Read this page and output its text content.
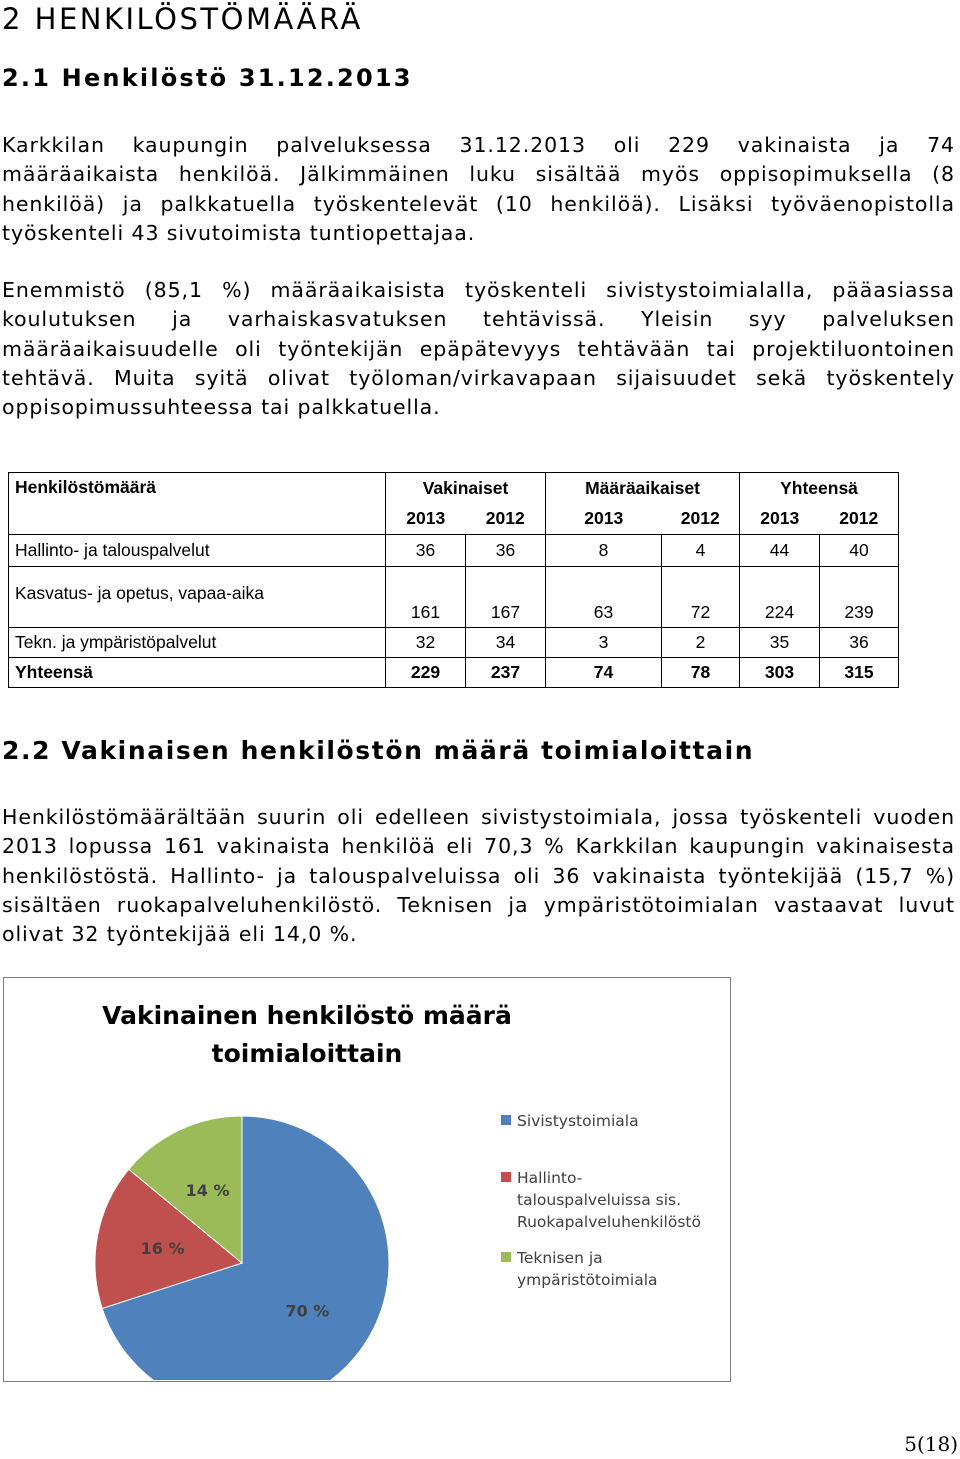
2 HENKILÖSTÖMÄÄRÄ
2.1 Henkilöstö 31.12.2013

Karkkilan kaupungin palveluksessa 31.12.2013 oli 229 vakinaista ja 74 määräaikaista henkilöä. Jälkimmäinen luku sisältää myös oppisopimuksella (8 henkilöä) ja palkkatuella työskentelevät (10 henkilöä). Lisäksi työväenopistolla työskenteli 43 sivutoimista tuntiopettajaa.

Enemmistö (85,1 %) määräaikaisista työskenteli sivistystoimialalla, pääasiassa koulutuksen ja varhaiskasvatuksen tehtävissä. Yleisin syy palveluksen määräaikaisuudelle oli työntekijän epäpätevyys tehtävään tai projektiluontoinen tehtävä. Muita syitä olivat työloman/virkavapaan sijaisuudet sekä työskentely oppisopimussuhteessa tai palkkatuella.

Henkilöstömäärä	Vakinaiset		Määräaikaiset		Yhteensä	
	2013	2012	2013	2012	2013	2012
Hallinto- ja talouspalvelut	36	36	8	4	44	40
Kasvatus- ja opetus, vapaa-aika	161	167	63	72	224	239
Tekn. ja ympäristöpalvelut	32	34	3	2	35	36
Yhteensä	229	237	74	78	303	315
2.2 Vakinaisen henkilöstön määrä toimialoittain

Henkilöstömäärältään suurin oli edelleen sivistystoimiala, jossa työskenteli vuoden 2013 lopussa 161 vakinaista henkilöä eli 70,3 % Karkkilan kaupungin vakinaisesta henkilöstöstä. Hallinto- ja talouspalveluissa oli 36 vakinaista työntekijää (15,7 %) sisältäen ruokapalveluhenkilöstö. Teknisen ja ympäristötoimialan vastaavat luvut olivat 32 työntekijää eli 14,0 %.

Vakinainen henkilöstö määrä
toimialoittain
70 %
16 %
14 %
Sivistystoimiala
Hallinto-
talouspalveluissa sis.
Ruokapalveluhenkilöstö
Teknisen ja
ympäristötoimiala
5(18)
